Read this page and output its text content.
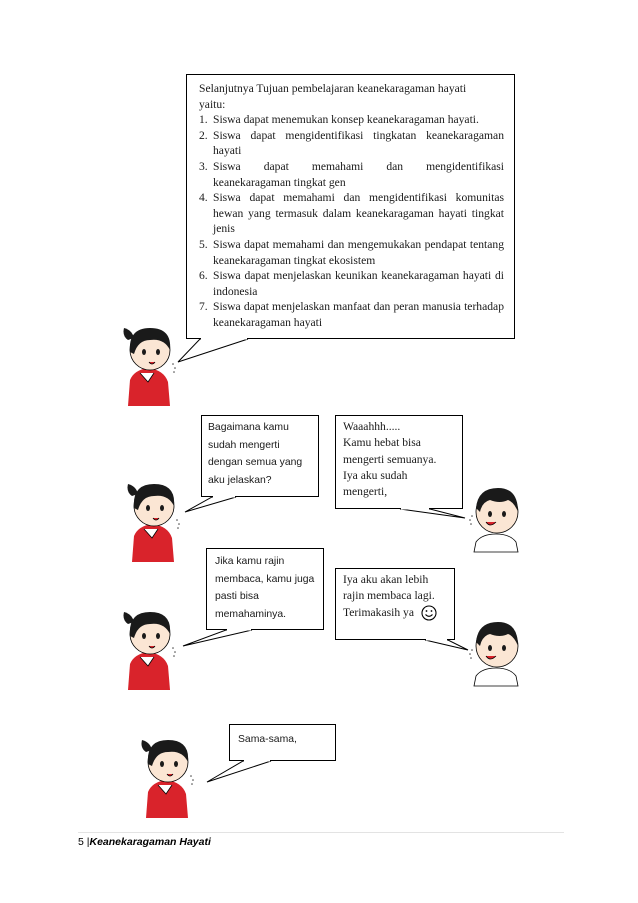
Selanjutnya Tujuan pembelajaran keanekaragaman hayati
yaitu:

1. Siswa dapat menemukan konsep keanekaragaman hayati.
2. Siswa dapat mengidentifikasi tingkatan keanekaragaman hayati
3. Siswa dapat memahami dan mengidentifikasi keanekaragaman tingkat gen
4. Siswa dapat memahami dan mengidentifikasi komunitas hewan yang termasuk dalam keanekaragaman hayati tingkat jenis
5. Siswa dapat memahami dan mengemukakan pendapat tentang keanekaragaman tingkat ekosistem
6. Siswa dapat menjelaskan keunikan keanekaragaman hayati di indonesia
7. Siswa dapat menjelaskan manfaat dan peran manusia terhadap keanekaragaman hayati
Bagaimana kamu sudah mengerti dengan semua yang aku jelaskan?
Waaahhh.....
Kamu hebat bisa
mengerti semuanya.
Iya aku sudah
mengerti,
Jika kamu rajin membaca, kamu juga pasti bisa memahaminya.
Iya aku akan lebih
rajin membaca lagi.
Terimakasih ya
Sama-sama,
5 |Keanekaragaman Hayati
